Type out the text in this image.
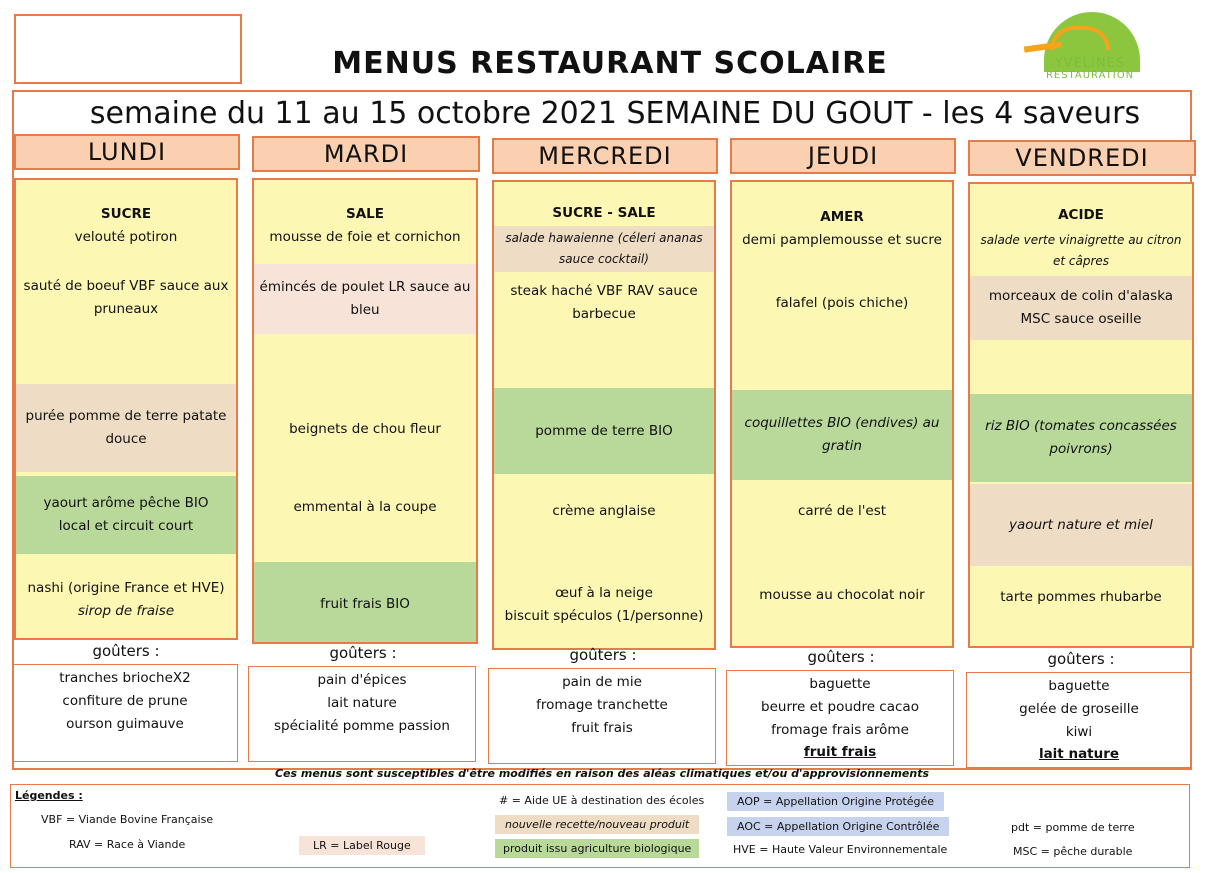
MENUS RESTAURANT SCOLAIRE	YVELINES
RESTAURATION
semaine du 11 au 15 octobre 2021 SEMAINE DU GOUT - les 4 saveurs
LUNDI
SUCRE
velouté potiron
sauté de boeuf VBF sauce aux pruneaux
purée pomme de terre patate douce
yaourt arôme pêche BIO
local et circuit court
nashi (origine France et HVE)
sirop de fraise
MARDI
SALE
mousse de foie et cornichon
émincés de poulet LR sauce au bleu
beignets de chou fleur
emmental à la coupe
fruit frais BIO
MERCREDI
SUCRE - SALE
salade hawaienne (céleri ananas sauce cocktail)
steak haché VBF RAV sauce barbecue
pomme de terre BIO
crème anglaise
œuf à la neige
biscuit spéculos (1/personne)
JEUDI
AMER
demi pamplemousse et sucre
falafel (pois chiche)
coquillettes BIO (endives) au gratin
carré de l'est
mousse au chocolat noir
VENDREDI
ACIDE
salade verte vinaigrette au citron et câpres
morceaux de colin d'alaska MSC sauce oseille
riz BIO (tomates concassées poivrons)
yaourt nature et miel
tarte pommes rhubarbe
goûters :
tranches briocheX2
confiture de prune
ourson guimauve
goûters :
pain d'épices
lait nature
spécialité pomme passion
goûters :
pain de mie
fromage tranchette
fruit frais
goûters :
baguette
beurre et poudre cacao
fromage frais arôme
fruit frais
goûters :
baguette
gelée de groseille
kiwi
lait nature
Ces menus sont susceptibles d'être modifiés en raison des aléas climatiques et/ou d'approvisionnements
Légendes :
VBF = Viande Bovine Française
RAV = Race à Viande	LR = Label Rouge
# = Aide UE à destination des écoles
nouvelle recette/nouveau produit
produit issu agriculture biologique
AOP = Appellation Origine Protégée
AOC = Appellation Origine Contrôlée
HVE = Haute Valeur Environnementale
pdt = pomme de terre
MSC = pêche durable
